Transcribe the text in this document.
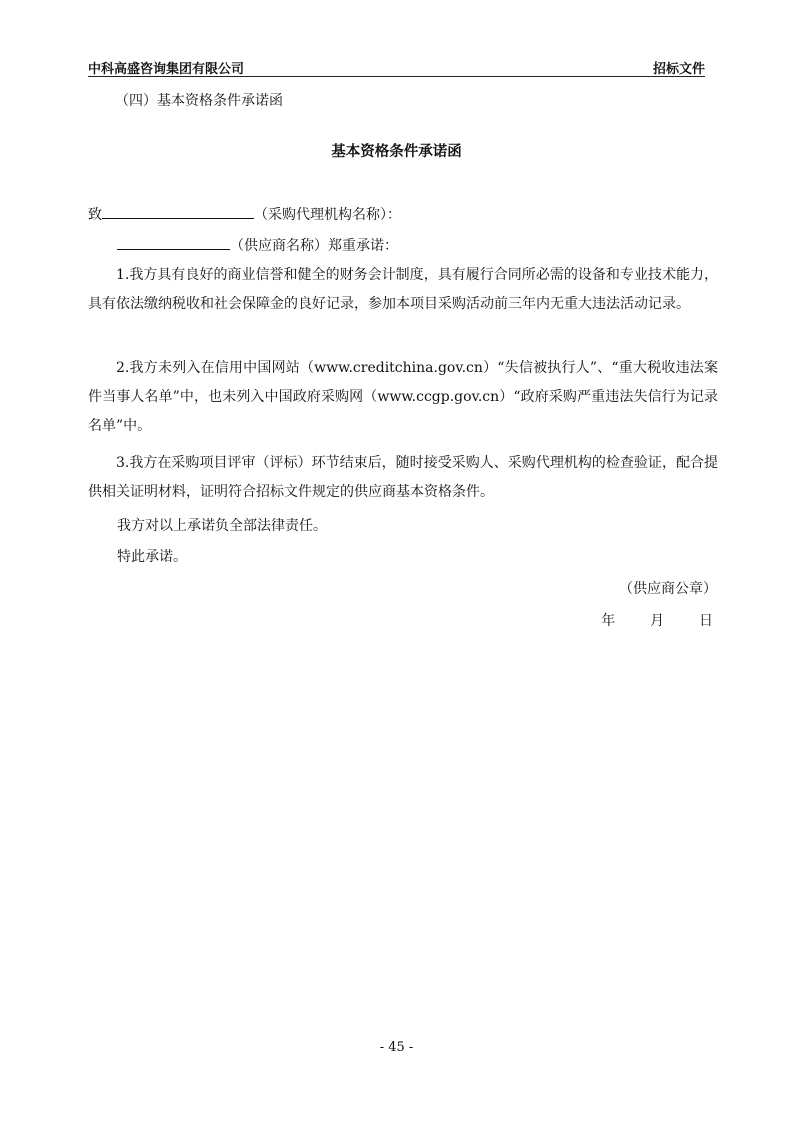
中科高盛咨询集团有限公司	招标文件
（四）基本资格条件承诺函
基本资格条件承诺函
致	（采购代理机构名称）：
（供应商名称）郑重承诺：

1.我方具有良好的商业信誉和健全的财务会计制度，具有履行合同所必需的设备和专业技术能力，具有依法缴纳税收和社会保障金的良好记录，参加本项目采购活动前三年内无重大违法活动记录。

2.我方未列入在信用中国网站（www.creditchina.gov.cn）“失信被执行人”、“重大税收违法案件当事人名单”中，也未列入中国政府采购网（www.ccgp.gov.cn）“政府采购严重违法失信行为记录名单”中。

3.我方在采购项目评审（评标）环节结束后，随时接受采购人、采购代理机构的检查验证，配合提供相关证明材料，证明符合招标文件规定的供应商基本资格条件。

我方对以上承诺负全部法律责任。
特此承诺。
（供应商公章）
年 月 日
- 45 -
